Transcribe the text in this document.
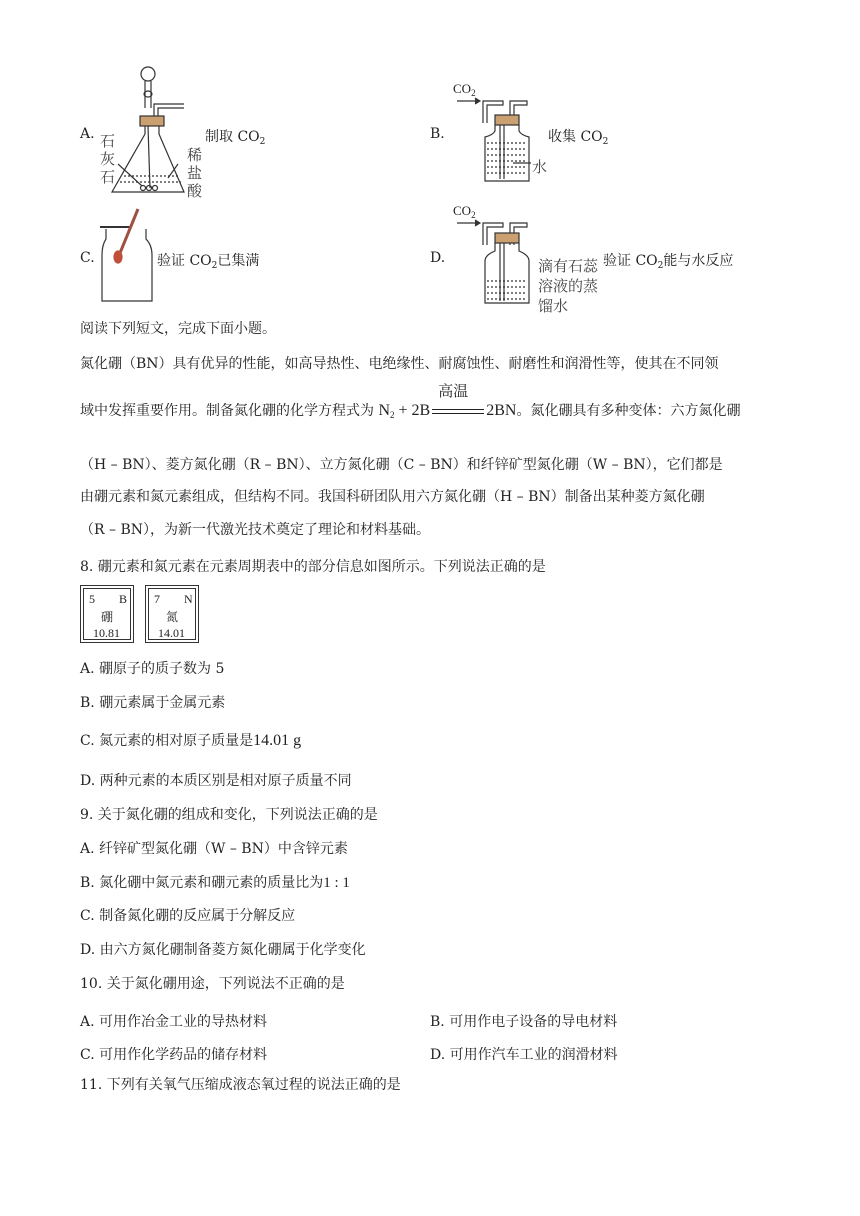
A. 石
灰
石
稀
盐
酸
制取 $CO_2$	B.
$CO_2$
水
收集 $CO_2$
C.	验证 $CO_2$已集满	D.
$CO_2$
滴有石蕊
溶液的蒸
馏水
验证 $CO_2$能与水反应
阅读下列短文，完成下面小题。
氮化硼（BN）具有优异的性能，如高导热性、电绝缘性、耐腐蚀性、耐磨性和润滑性等，使其在不同领
域中发挥重要作用。制备氮化硼的化学方程式为 $N_2 + 2B$
高温
2BN。氮化硼具有多种变体：六方氮化硼
（H – BN）、菱方氮化硼（R – BN）、立方氮化硼（C – BN）和纤锌矿型氮化硼（W – BN），它们都是
由硼元素和氮元素组成，但结构不同。我国科研团队用六方氮化硼（H – BN）制备出某种菱方氮化硼
（R – BN），为新一代激光技术奠定了理论和材料基础。
8. 硼元素和氮元素在元素周期表中的部分信息如图所示。下列说法正确的是
5 B
硼
10.81
7 N
氮
14.01
A. 硼原子的质子数为 5
B. 硼元素属于金属元素
C. 氮元素的相对原子质量是14.01 g
D. 两种元素的本质区别是相对原子质量不同
9. 关于氮化硼的组成和变化，下列说法正确的是
A. 纤锌矿型氮化硼（W – BN）中含锌元素
B. 氮化硼中氮元素和硼元素的质量比为1 : 1
C. 制备氮化硼的反应属于分解反应
D. 由六方氮化硼制备菱方氮化硼属于化学变化
10. 关于氮化硼用途，下列说法不正确的是
A. 可用作冶金工业的导热材料	B. 可用作电子设备的导电材料
C. 可用作化学药品的储存材料	D. 可用作汽车工业的润滑材料
11. 下列有关氧气压缩成液态氧过程的说法正确的是
